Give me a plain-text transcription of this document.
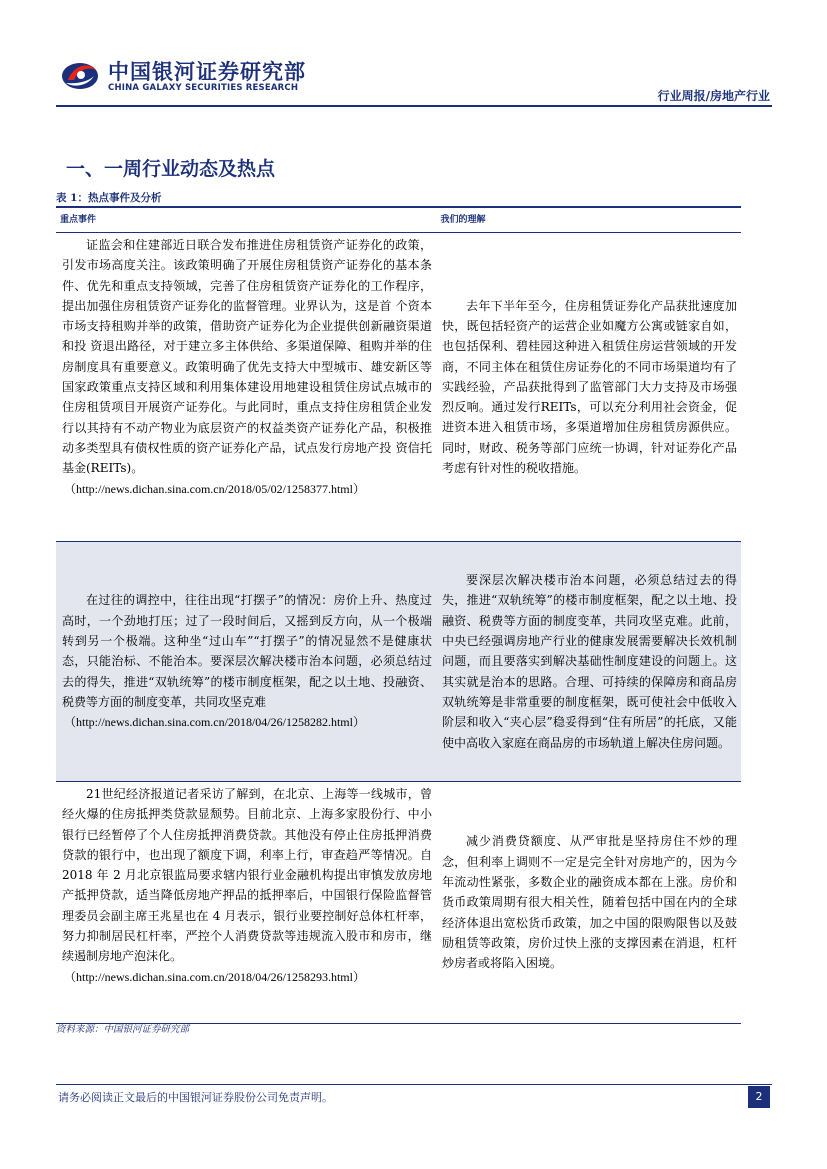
中国银河证券研究部
CHINA GALAXY SECURITIES RESEARCH
行业周报/房地产行业
一、一周行业动态及热点
表 1：热点事件及分析
重点事件	我们的理解

证监会和住建部近日联合发布推进住房租赁资产证券化的政策，引发市场高度关注。该政策明确了开展住房租赁资产证券化的基本条件、优先和重点支持领域，完善了住房租赁资产证券化的工作程序，提出加强住房租赁资产证券化的监督管理。业界认为，这是首 个资本市场支持租购并举的政策，借助资产证券化为企业提供创新融资渠道和投 资退出路径，对于建立多主体供给、多渠道保障、租购并举的住房制度具有重要意义。政策明确了优先支持大中型城市、雄安新区等国家政策重点支持区域和利用集体建设用地建设租赁住房试点城市的住房租赁项目开展资产证券化。与此同时，重点支持住房租赁企业发行以其持有不动产物业为底层资产的权益类资产证券化产品，积极推动多类型具有债权性质的资产证券化产品，试点发行房地产投 资信托基金(REITs)。

（http://news.dichan.sina.com.cn/2018/05/02/1258377.html）

去年下半年至今，住房租赁证券化产品获批速度加快，既包括轻资产的运营企业如魔方公寓或链家自如，也包括保利、碧桂园这种进入租赁住房运营领域的开发商，不同主体在租赁住房证券化的不同市场渠道均有了实践经验，产品获批得到了监管部门大力支持及市场强烈反响。通过发行REITs，可以充分利用社会资金，促进资本进入租赁市场，多渠道增加住房租赁房源供应。同时，财政、税务等部门应统一协调，针对证券化产品考虑有针对性的税收措施。

在过往的调控中，往往出现“打摆子”的情况：房价上升、热度过高时，一个劲地打压；过了一段时间后，又摇到反方向，从一个极端转到另一个极端。这种坐“过山车”“打摆子”的情况显然不是健康状态，只能治标、不能治本。要深层次解决楼市治本问题，必须总结过去的得失，推进“双轨统筹”的楼市制度框架，配之以土地、投融资、税费等方面的制度变革，共同攻坚克难

（http://news.dichan.sina.com.cn/2018/04/26/1258282.html）

要深层次解决楼市治本问题，必须总结过去的得失，推进“双轨统筹”的楼市制度框架，配之以土地、投融资、税费等方面的制度变革，共同攻坚克难。此前，中央已经强调房地产行业的健康发展需要解决长效机制问题，而且要落实到解决基础性制度建设的问题上。这其实就是治本的思路。合理、可持续的保障房和商品房双轨统筹是非常重要的制度框架，既可使社会中低收入阶层和收入“夹心层”稳妥得到“住有所居”的托底，又能使中高收入家庭在商品房的市场轨道上解决住房问题。

21世纪经济报道记者采访了解到，在北京、上海等一线城市，曾经火爆的住房抵押类贷款显颓势。目前北京、上海多家股份行、中小银行已经暂停了个人住房抵押消费贷款。其他没有停止住房抵押消费贷款的银行中，也出现了额度下调，利率上行，审查趋严等情况。自 2018 年 2 月北京银监局要求辖内银行业金融机构提出审慎发放房地产抵押贷款，适当降低房地产押品的抵押率后，中国银行保险监督管理委员会副主席王兆星也在 4 月表示，银行业要控制好总体杠杆率，努力抑制居民杠杆率，严控个人消费贷款等违规流入股市和房市，继续遏制房地产泡沫化。

（http://news.dichan.sina.com.cn/2018/04/26/1258293.html）

减少消费贷额度、从严审批是坚持房住不炒的理念，但利率上调则不一定是完全针对房地产的，因为今年流动性紧张，多数企业的融资成本都在上涨。房价和货币政策周期有很大相关性，随着包括中国在内的全球经济体退出宽松货币政策，加之中国的限购限售以及鼓励租赁等政策，房价过快上涨的支撑因素在消退，杠杆炒房者或将陷入困境。

资料来源：中国银河证券研究部
请务必阅读正文最后的中国银河证券股份公司免责声明。	2
